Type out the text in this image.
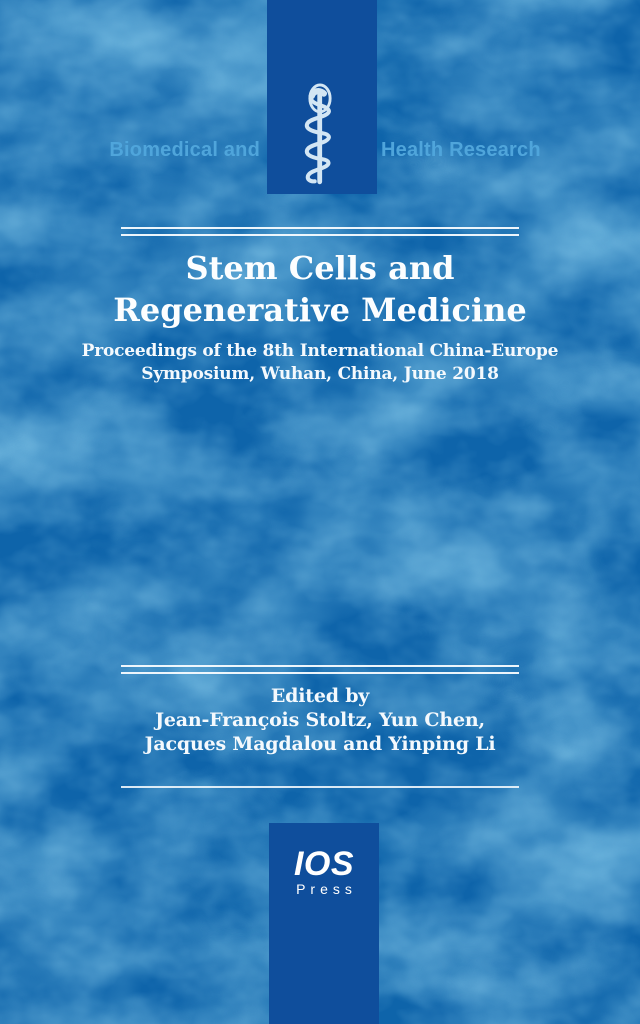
Biomedical and	Health Research
Stem Cells and
Regenerative Medicine
Proceedings of the 8th International China-Europe
Symposium, Wuhan, China, June 2018
Edited by
Jean-François Stoltz, Yun Chen,
Jacques Magdalou and Yinping Li
IOS
Press
